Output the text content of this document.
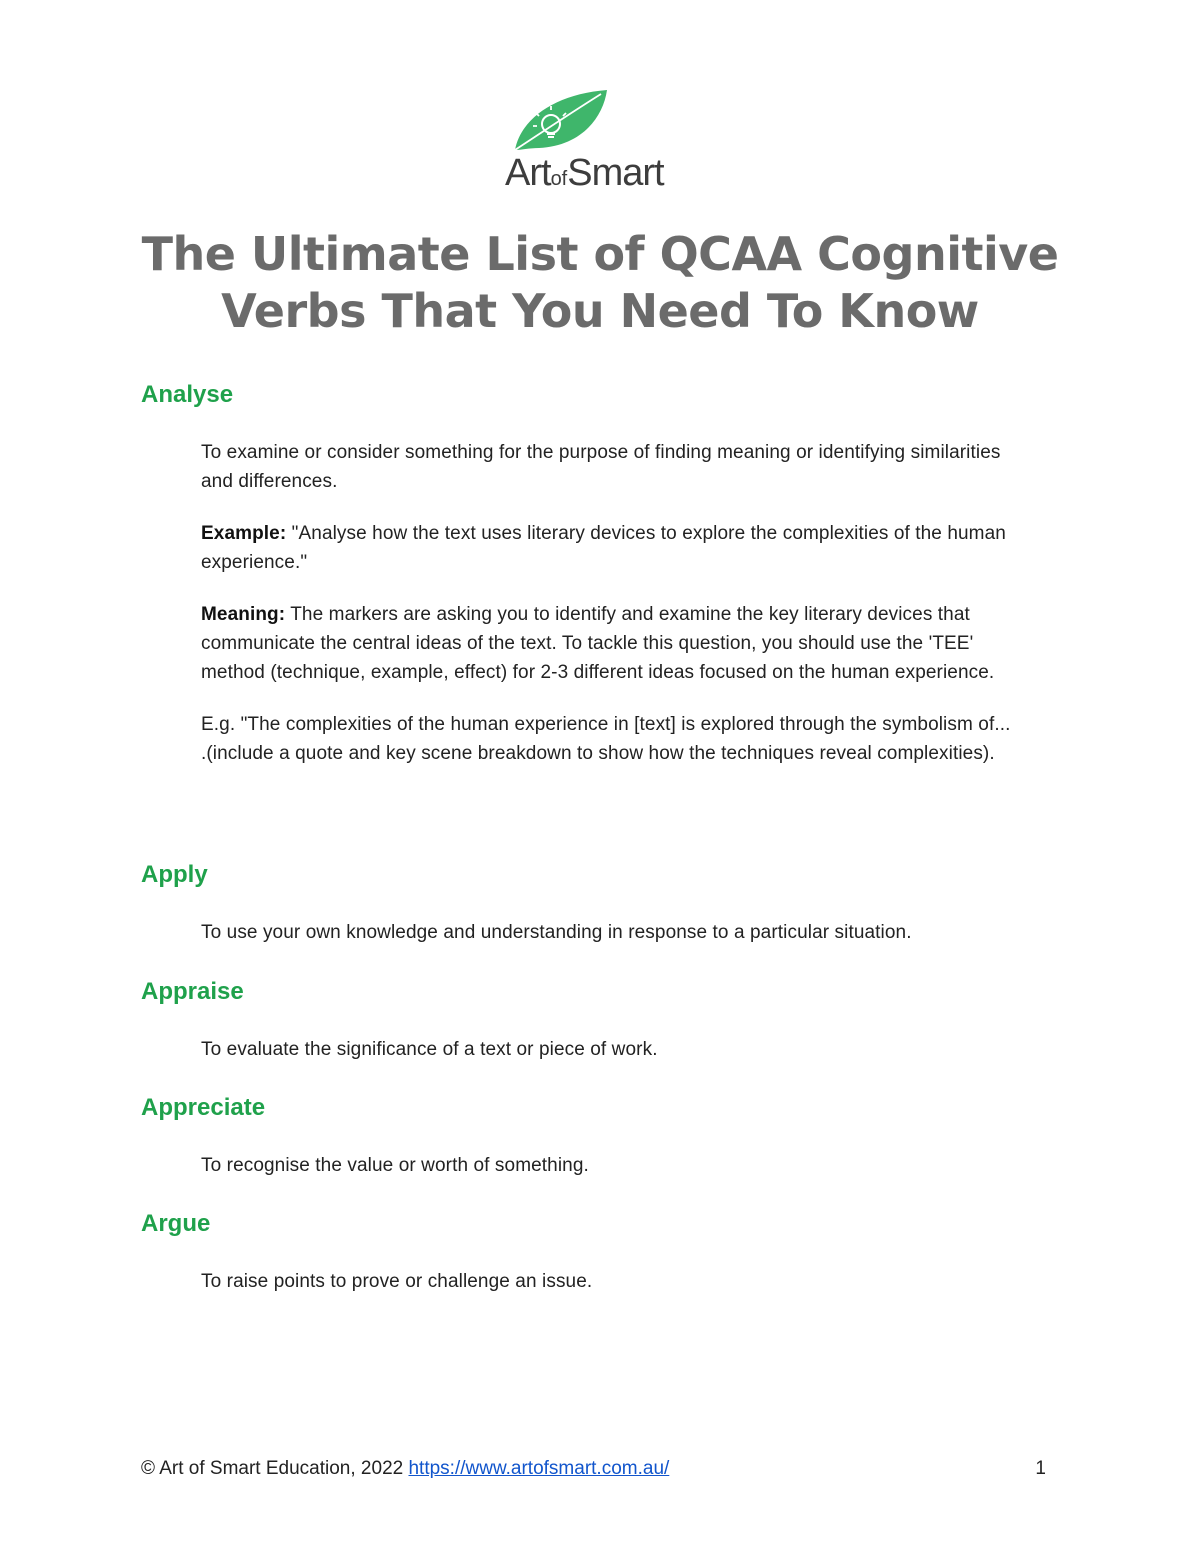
ArtofSmart
The Ultimate List of QCAA Cognitive
Verbs That You Need To Know
Analyse

To examine or consider something for the purpose of finding meaning or identifying similarities and differences.

Example: "Analyse how the text uses literary devices to explore the complexities of the human experience."

Meaning: The markers are asking you to identify and examine the key literary devices that communicate the central ideas of the text. To tackle this question, you should use the 'TEE' method (technique, example, effect) for 2-3 different ideas focused on the human experience.

E.g. "The complexities of the human experience in [text] is explored through the symbolism of... .(include a quote and key scene breakdown to show how the techniques reveal complexities).

Apply

To use your own knowledge and understanding in response to a particular situation.

Appraise

To evaluate the significance of a text or piece of work.

Appreciate

To recognise the value or worth of something.

Argue

To raise points to prove or challenge an issue.

© Art of Smart Education, 2022 https://www.artofsmart.com.au/	1
